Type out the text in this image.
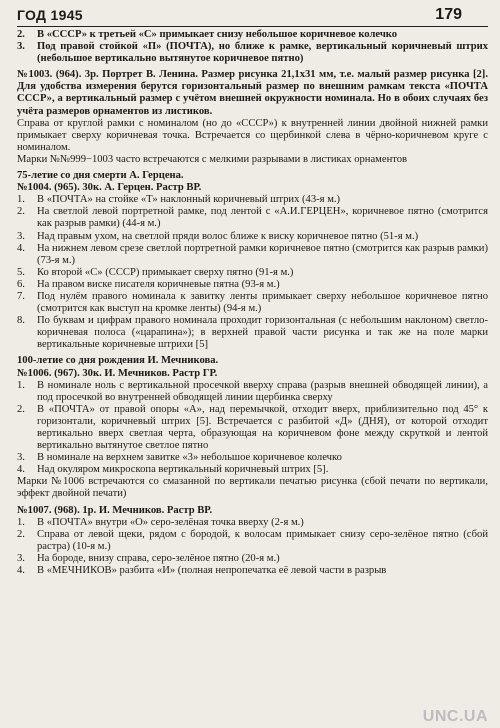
ГОД 1945	179
2.	В «СССР» к третьей «С» примыкает снизу небольшое коричневое колечко
3.	Под правой стойкой «П» (ПОЧТА), но ближе к рамке, вертикальный коричневый штрих (небольшое вертикально вытянутое коричневое пятно)

№1003. (964). 3р. Портрет В. Ленина. Размер рисунка 21,1х31 мм, т.е. малый размер рисунка [2]. Для удобства измерения берутся горизонтальный размер по внешним рамкам текста «ПОЧТА СССР», а вертикальный размер с учётом внешней окружности номинала. Но в обоих случаях без учёта размеров орнаментов из листиков.

Справа от круглой рамки с номиналом (но до «СССР») к внутренней линии двойной нижней рамки примыкает сверху коричневая точка. Встречается со щербинкой слева в чёрно-коричневом круге с номиналом.

Марки №№999−1003 часто встречаются с мелкими разрывами в листиках орнаментов

75-летие со дня смерти А. Герцена.

№1004. (965). 30к. А. Герцен. Растр ВР.

1.	В «ПОЧТА» на стойке «Т» наклонный коричневый штрих (43-я м.)
2.	На светлой левой портретной рамке, под лентой с «А.И.ГЕРЦЕН», коричневое пятно (смотрится как разрыв рамки) (44-я м.)
3.	Над правым ухом, на светлой пряди волос ближе к виску коричневое пятно (51-я м.)
4.	На нижнем левом срезе светлой портретной рамки коричневое пятно (смотрится как разрыв рамки) (73-я м.)
5.	Ко второй «С» (СССР) примыкает сверху пятно (91-я м.)
6.	На правом виске писателя коричневые пятна (93-я м.)
7.	Под нулём правого номинала к завитку ленты примыкает сверху небольшое коричневое пятно (смотрится как выступ на кромке ленты) (94-я м.)
8.	По буквам и цифрам правого номинала проходит горизонтальная (с небольшим наклоном) светло-коричневая полоса («царапина»); в верхней правой части рисунка и так же на поле марки вертикальные коричневые штрихи [5]

100-летие со дня рождения И. Мечникова.

№1006. (967). 30к. И. Мечников. Растр ГР.

1.	В номинале ноль с вертикальной просечкой вверху справа (разрыв внешней обводящей линии), а под просечкой во внутренней обводящей линии щербинка сверху
2.	В «ПОЧТА» от правой опоры «А», над перемычкой, отходит вверх, приблизительно под 45° к горизонтали, коричневый штрих [5]. Встречается с разбитой «Д» (ДНЯ), от которой отходит вертикально вверх светлая черта, образующая на коричневом фоне между скруткой и лентой вертикально вытянутое светлое пятно
3.	В номинале на верхнем завитке «3» небольшое коричневое колечко
4.	Над окуляром микроскопа вертикальный коричневый штрих [5].

Марки №1006 встречаются со смазанной по вертикали печатью рисунка (сбой печати по вертикали, эффект двойной печати)

№1007. (968). 1р. И. Мечников. Растр ВР.

1.	В «ПОЧТА» внутри «О» серо-зелёная точка вверху (2-я м.)
2.	Справа от левой щеки, рядом с бородой, к волосам примыкает снизу серо-зелёное пятно (сбой растра) (10-я м.)
3.	На бороде, внизу справа, серо-зелёное пятно (20-я м.)
4.	В «МЕЧНИКОВ» разбита «И» (полная непропечатка её левой части в разрыв
UNC.UA
